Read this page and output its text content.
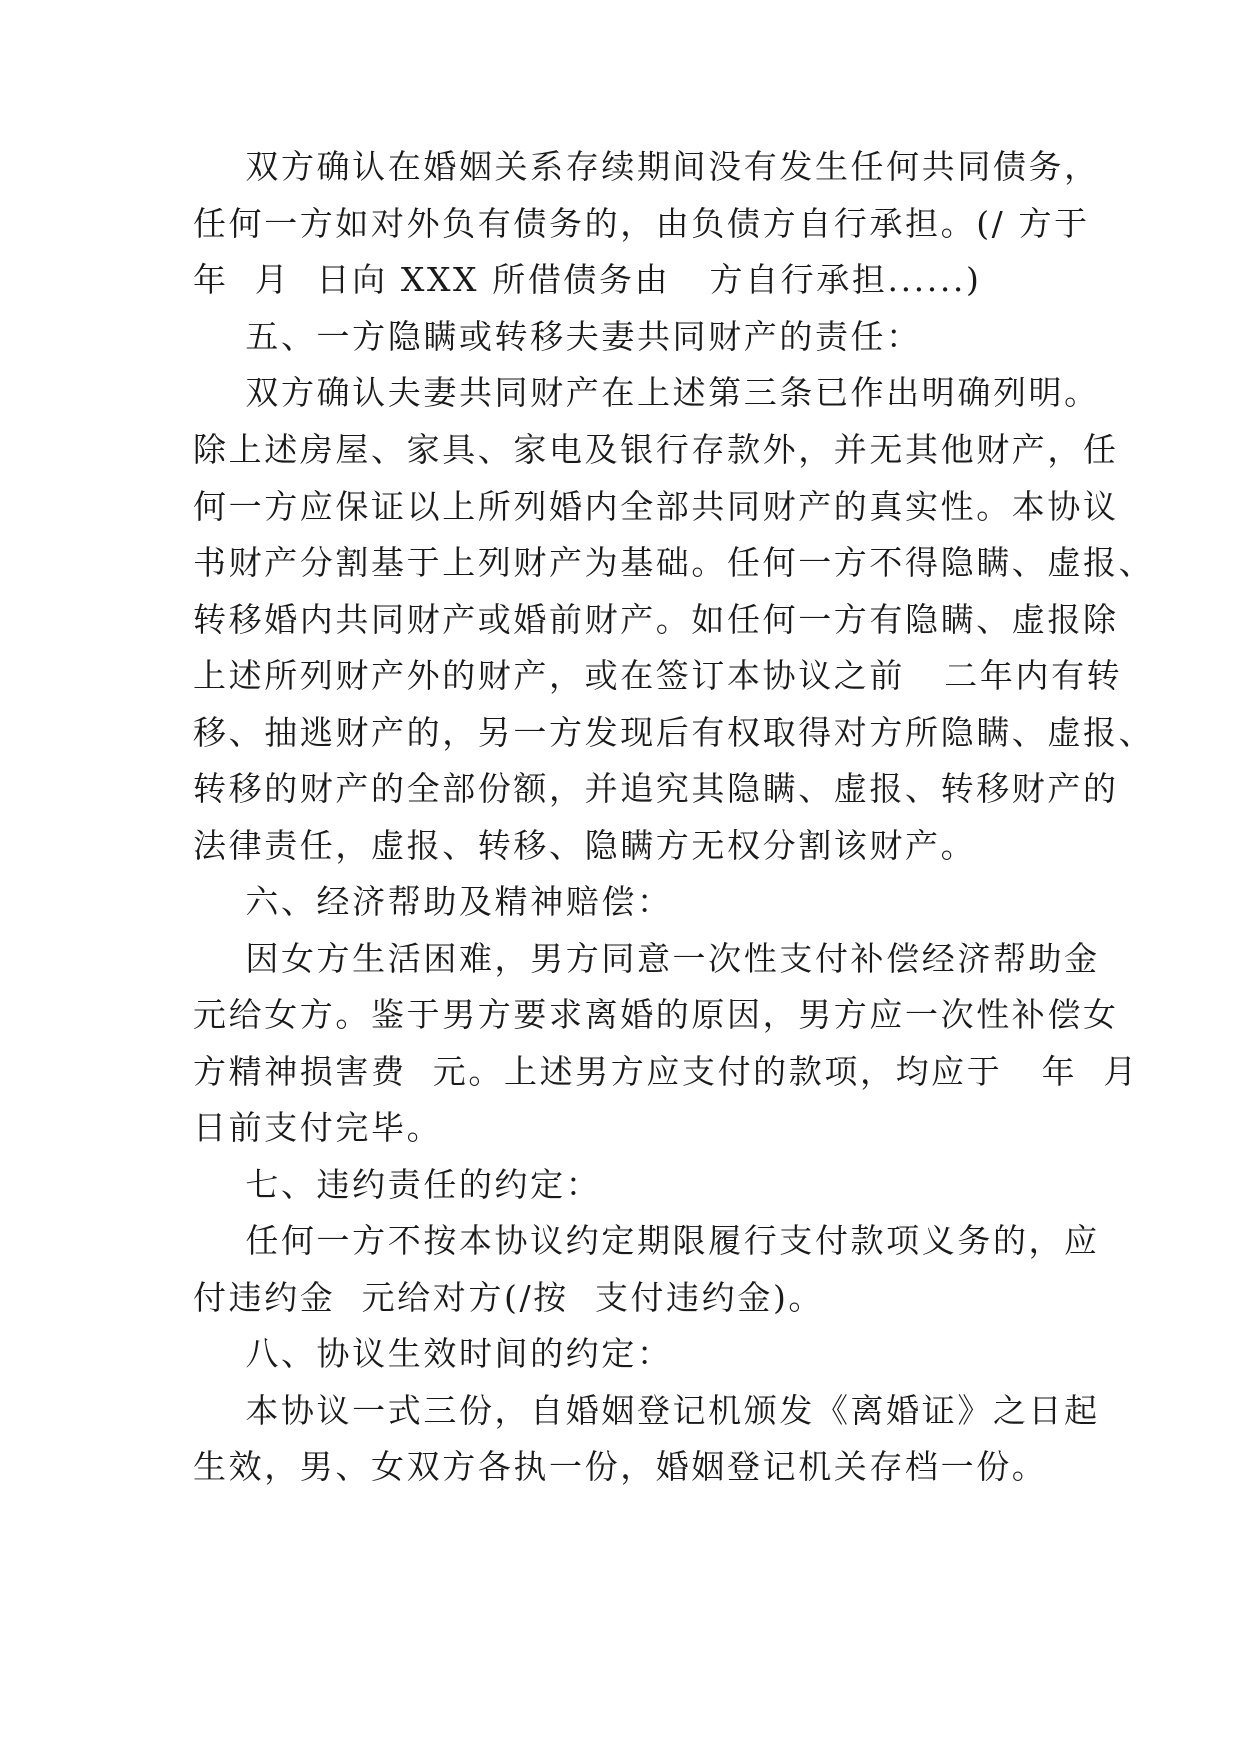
双方确认在婚姻关系存续期间没有发生任何共同债务，
任何一方如对外负有债务的，由负债方自行承担。(/ 方于
年  月  日向 XXX 所借债务由   方自行承担......)
五、一方隐瞒或转移夫妻共同财产的责任：
双方确认夫妻共同财产在上述第三条已作出明确列明。
除上述房屋、家具、家电及银行存款外，并无其他财产，任
何一方应保证以上所列婚内全部共同财产的真实性。本协议
书财产分割基于上列财产为基础。任何一方不得隐瞒、虚报、
转移婚内共同财产或婚前财产。如任何一方有隐瞒、虚报除
上述所列财产外的财产，或在签订本协议之前   二年内有转
移、抽逃财产的，另一方发现后有权取得对方所隐瞒、虚报、
转移的财产的全部份额，并追究其隐瞒、虚报、转移财产的
法律责任，虚报、转移、隐瞒方无权分割该财产。
六、经济帮助及精神赔偿：
因女方生活困难，男方同意一次性支付补偿经济帮助金
元给女方。鉴于男方要求离婚的原因，男方应一次性补偿女
方精神损害费  元。上述男方应支付的款项，均应于   年  月
日前支付完毕。
七、违约责任的约定：
任何一方不按本协议约定期限履行支付款项义务的，应
付违约金  元给对方(/按  支付违约金)。
八、协议生效时间的约定：
本协议一式三份，自婚姻登记机颁发《离婚证》之日起
生效，男、女双方各执一份，婚姻登记机关存档一份。
